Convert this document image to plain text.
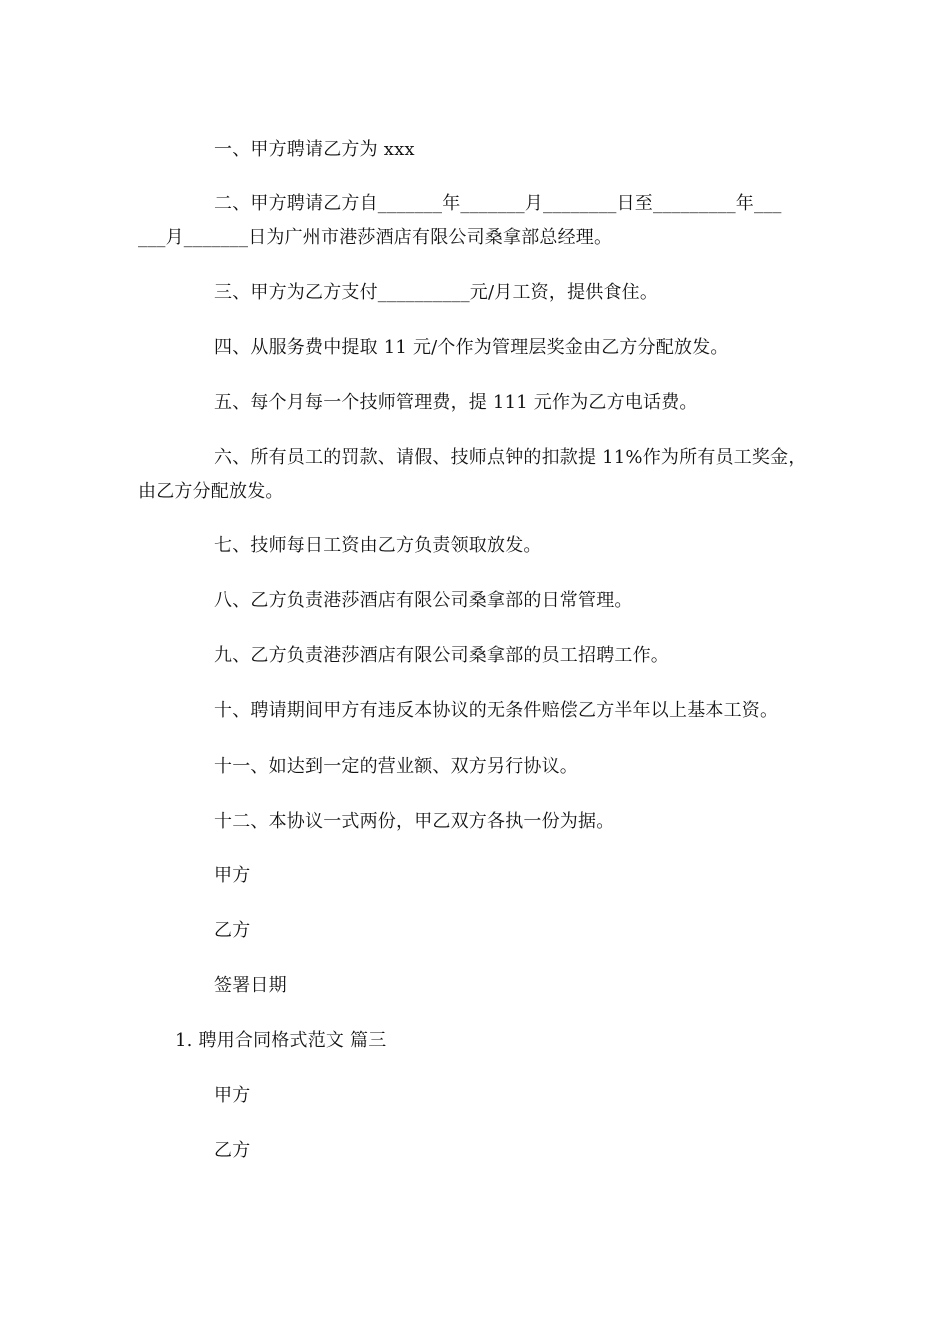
一、甲方聘请乙方为 xxx
二、甲方聘请乙方自_______年_______月________日至_________年___
___月_______日为广州市港莎酒店有限公司桑拿部总经理。
三、甲方为乙方支付__________元/月工资，提供食住。
四、从服务费中提取 11 元/个作为管理层奖金由乙方分配放发。
五、每个月每一个技师管理费，提 111 元作为乙方电话费。
六、所有员工的罚款、请假、技师点钟的扣款提 11%作为所有员工奖金，
由乙方分配放发。
七、技师每日工资由乙方负责领取放发。
八、乙方负责港莎酒店有限公司桑拿部的日常管理。
九、乙方负责港莎酒店有限公司桑拿部的员工招聘工作。
十、聘请期间甲方有违反本协议的无条件赔偿乙方半年以上基本工资。
十一、如达到一定的营业额、双方另行协议。
十二、本协议一式两份，甲乙双方各执一份为据。
甲方
乙方
签署日期
1. 聘用合同格式范文 篇三
甲方
乙方
